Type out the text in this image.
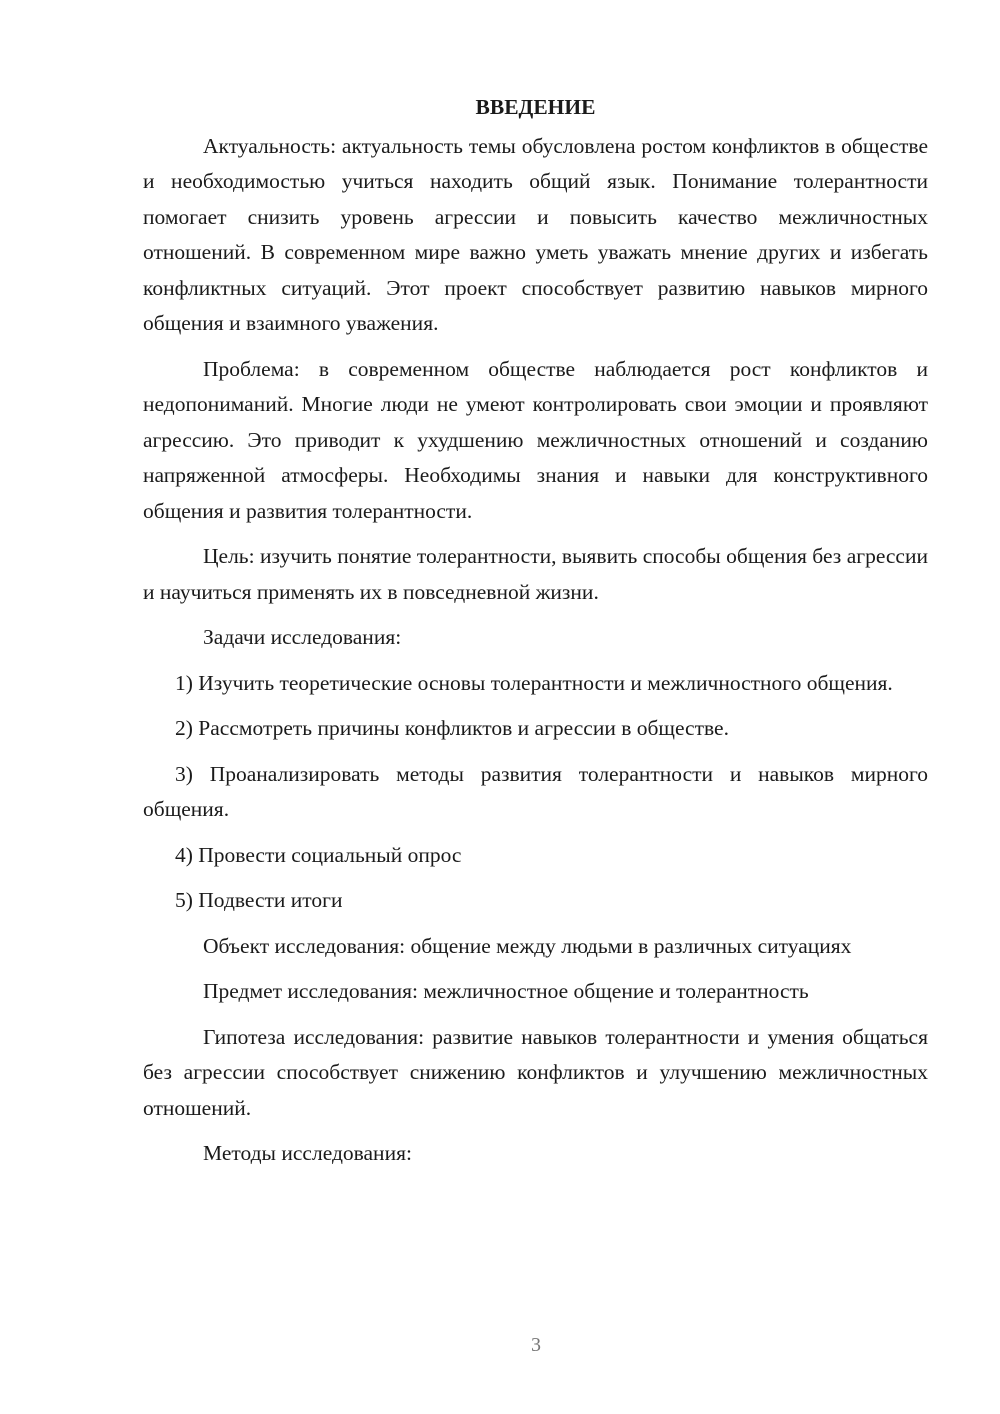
ВВЕДЕНИЕ

Актуальность: актуальность темы обусловлена ростом конфликтов в обществе и необходимостью учиться находить общий язык. Понимание толерантности помогает снизить уровень агрессии и повысить качество межличностных отношений. В современном мире важно уметь уважать мнение других и избегать конфликтных ситуаций. Этот проект способствует развитию навыков мирного общения и взаимного уважения.

Проблема: в современном обществе наблюдается рост конфликтов и недопониманий. Многие люди не умеют контролировать свои эмоции и проявляют агрессию. Это приводит к ухудшению межличностных отношений и созданию напряженной атмосферы. Необходимы знания и навыки для конструктивного общения и развития толерантности.

Цель: изучить понятие толерантности, выявить способы общения без агрессии и научиться применять их в повседневной жизни.

Задачи исследования:

1) Изучить теоретические основы толерантности и межличностного общения.

2) Рассмотреть причины конфликтов и агрессии в обществе.

3) Проанализировать методы развития толерантности и навыков мирного общения.

4) Провести социальный опрос

5) Подвести итоги

Объект исследования: общение между людьми в различных ситуациях

Предмет исследования: межличностное общение и толерантность

Гипотеза исследования: развитие навыков толерантности и умения общаться без агрессии способствует снижению конфликтов и улучшению межличностных отношений.

Методы исследования:

3
